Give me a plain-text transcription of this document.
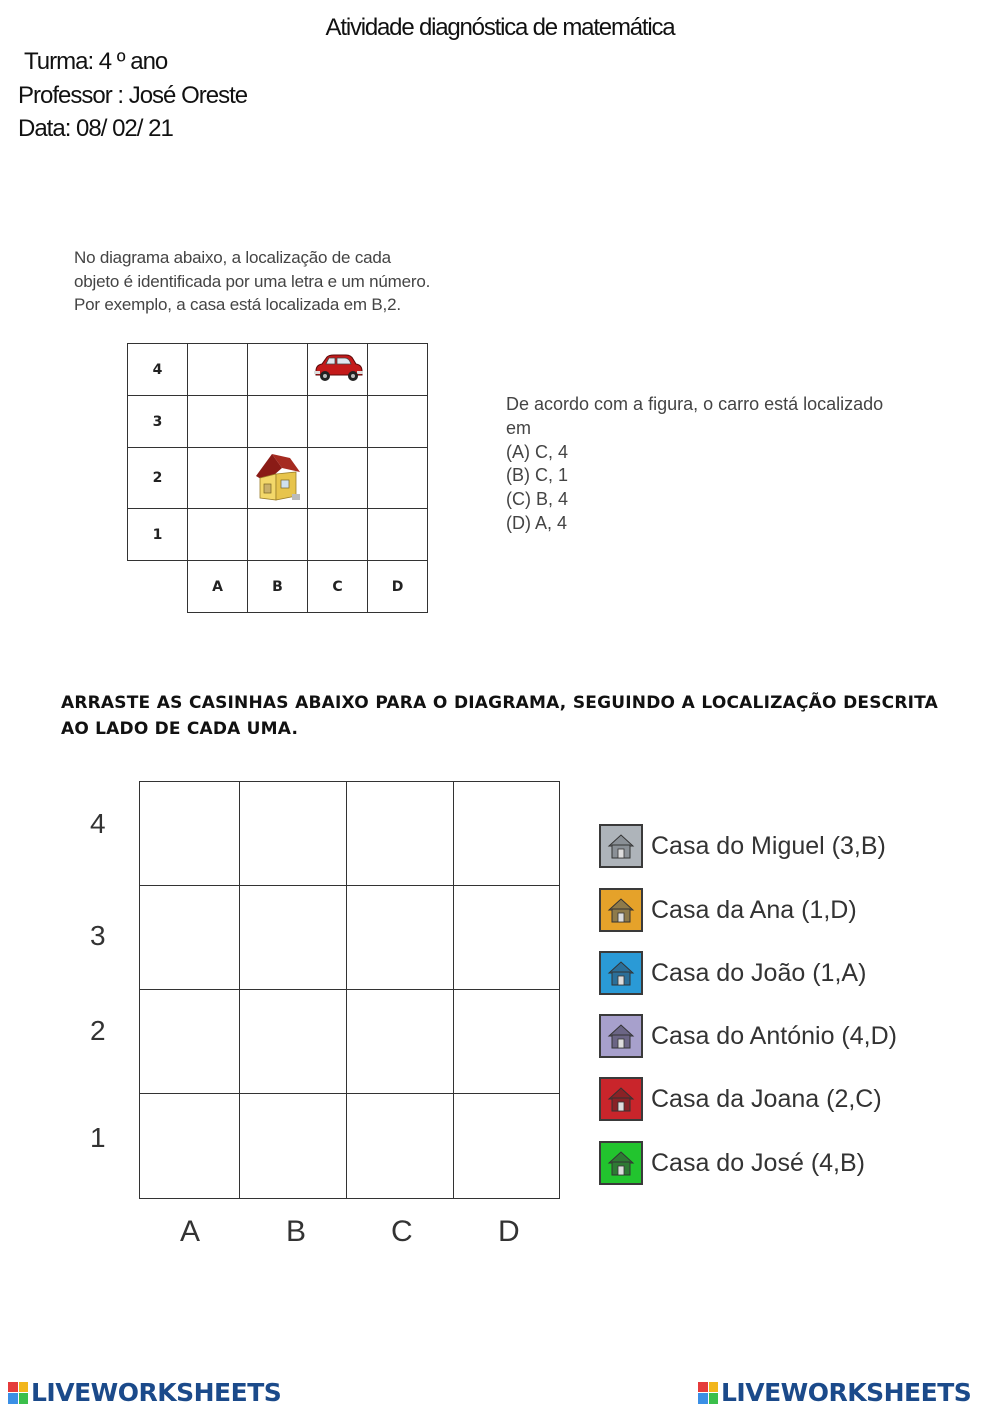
Atividade diagnóstica de matemática
Turma: 4 º ano
Professor : José Oreste
Data: 08/ 02/ 21
No diagrama abaixo, a localização de cada
objeto é identificada por uma letra e um número.
Por exemplo, a casa está localizada em B,2.
4				
3				
2				
1				
	A	B	C	D
De acordo com a figura, o carro está localizado
em
(A) C, 4
(B) C, 1
(C) B, 4
(D) A, 4
ARRASTE AS CASINHAS ABAIXO PARA O DIAGRAMA, SEGUINDO A LOCALIZAÇÃO DESCRITA AO LADO DE CADA UMA.
4
3
2
1
A	B	C	D
Casa do Miguel (3,B)
Casa da Ana (1,D)
Casa do João (1,A)
Casa do António (4,D)
Casa da Joana (2,C)
Casa do José (4,B)
LIVEWORKSHEETS	LIVEWORKSHEETS
